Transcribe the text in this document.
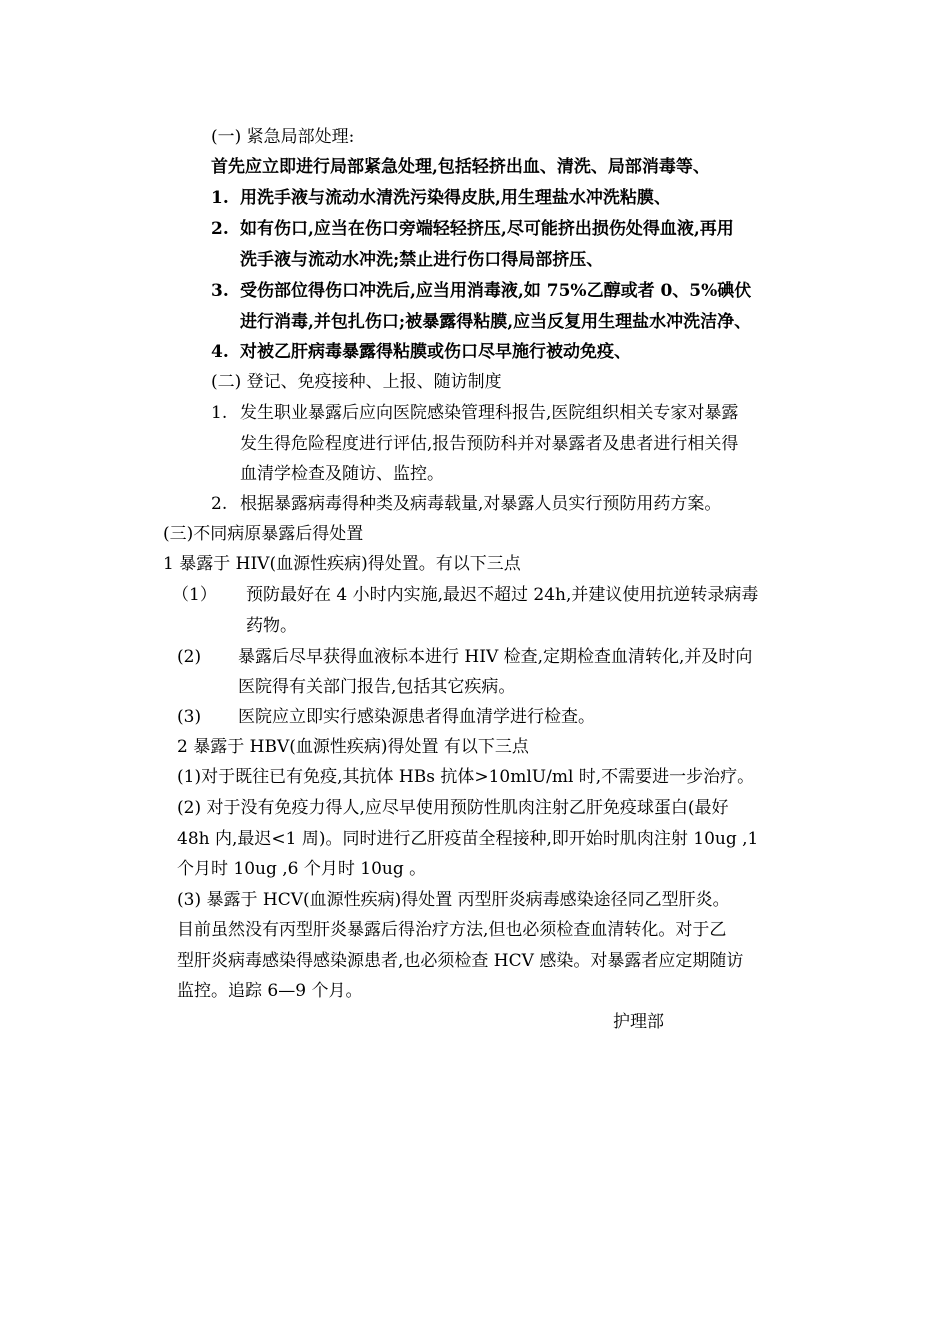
(一) 紧急局部处理:
首先应立即进行局部紧急处理,包括轻挤出血、清洗、局部消毒等、
1. 用洗手液与流动水清洗污染得皮肤,用生理盐水冲洗粘膜、
2. 如有伤口,应当在伤口旁端轻轻挤压,尽可能挤出损伤处得血液,再用
洗手液与流动水冲洗;禁止进行伤口得局部挤压、
3. 受伤部位得伤口冲洗后,应当用消毒液,如 75%乙醇或者 0、5%碘伏
进行消毒,并包扎伤口;被暴露得粘膜,应当反复用生理盐水冲洗洁净、
4. 对被乙肝病毒暴露得粘膜或伤口尽早施行被动免疫、
(二) 登记、免疫接种、上报、随访制度
1. 发生职业暴露后应向医院感染管理科报告,医院组织相关专家对暴露
发生得危险程度进行评估,报告预防科并对暴露者及患者进行相关得
血清学检查及随访、监控。
2. 根据暴露病毒得种类及病毒载量,对暴露人员实行预防用药方案。
(三)不同病原暴露后得处置
1 暴露于 HIV(血源性疾病)得处置。有以下三点
（1） 预防最好在 4 小时内实施,最迟不超过 24h,并建议使用抗逆转录病毒
药物。
(2) 暴露后尽早获得血液标本进行 HIV 检查,定期检查血清转化,并及时向
医院得有关部门报告,包括其它疾病。
(3) 医院应立即实行感染源患者得血清学进行检查。
2 暴露于 HBV(血源性疾病)得处置 有以下三点
(1)对于既往已有免疫,其抗体 HBs 抗体>10mlU/ml 时,不需要进一步治疗。
(2) 对于没有免疫力得人,应尽早使用预防性肌肉注射乙肝免疫球蛋白(最好
48h 内,最迟<1 周)。同时进行乙肝疫苗全程接种,即开始时肌肉注射 10ug ,1
个月时 10ug ,6 个月时 10ug 。
(3) 暴露于 HCV(血源性疾病)得处置 丙型肝炎病毒感染途径同乙型肝炎。
目前虽然没有丙型肝炎暴露后得治疗方法,但也必须检查血清转化。对于乙
型肝炎病毒感染得感染源患者,也必须检查 HCV 感染。对暴露者应定期随访
监控。追踪 6—9 个月。
护理部
